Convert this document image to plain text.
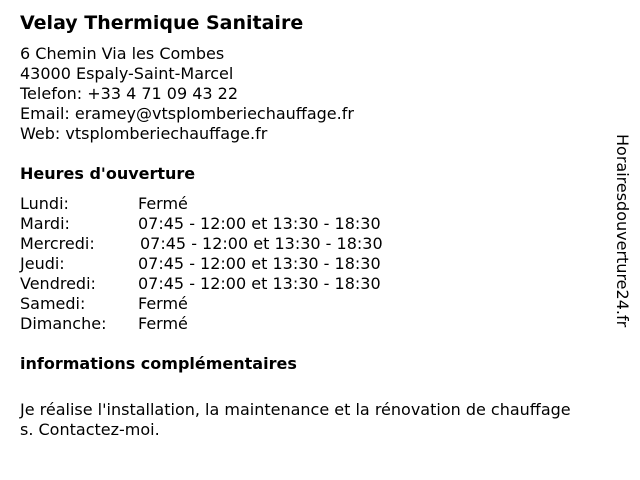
Velay Thermique Sanitaire
6 Chemin Via les Combes
43000 Espaly-Saint-Marcel
Telefon: +33 4 71 09 43 22
Email: eramey@vtsplomberiechauffage.fr
Web: vtsplomberiechauffage.fr
Heures d'ouverture
Lundi:	Fermé
Mardi:	07:45 - 12:00 et 13:30 - 18:30
Mercredi:	07:45 - 12:00 et 13:30 - 18:30
Jeudi:	07:45 - 12:00 et 13:30 - 18:30
Vendredi:	07:45 - 12:00 et 13:30 - 18:30
Samedi:	Fermé
Dimanche: Fermé
informations complémentaires

Je réalise l'installation, la maintenance et la rénovation de chauffages. Contactez-moi.

Horairesdouverture24.fr
